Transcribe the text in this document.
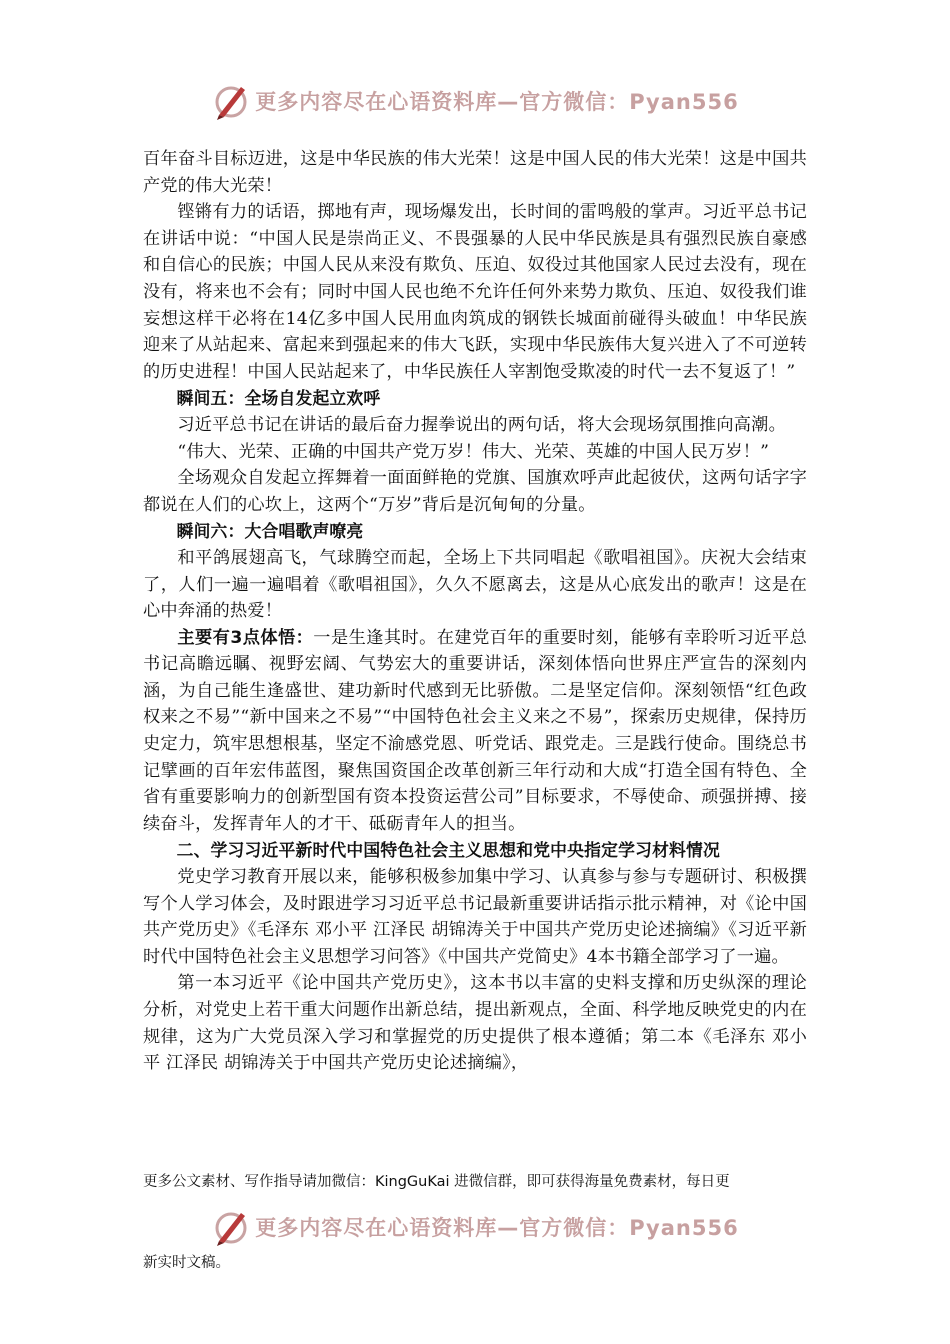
更多内容尽在心语资料库—官方微信：Pyan556

百年奋斗目标迈进，这是中华民族的伟大光荣！这是中国人民的伟大光荣！这是中国共产党的伟大光荣！

铿锵有力的话语，掷地有声，现场爆发出，长时间的雷鸣般的掌声。习近平总书记在讲话中说：“中国人民是崇尚正义、不畏强暴的人民中华民族是具有强烈民族自豪感和自信心的民族；中国人民从来没有欺负、压迫、奴役过其他国家人民过去没有，现在没有，将来也不会有；同时中国人民也绝不允许任何外来势力欺负、压迫、奴役我们谁妄想这样干必将在14亿多中国人民用血肉筑成的钢铁长城面前碰得头破血！中华民族迎来了从站起来、富起来到强起来的伟大飞跃，实现中华民族伟大复兴进入了不可逆转的历史进程！中国人民站起来了，中华民族任人宰割饱受欺凌的时代一去不复返了！”

瞬间五：全场自发起立欢呼

习近平总书记在讲话的最后奋力握拳说出的两句话，将大会现场氛围推向高潮。

“伟大、光荣、正确的中国共产党万岁！伟大、光荣、英雄的中国人民万岁！”

全场观众自发起立挥舞着一面面鲜艳的党旗、国旗欢呼声此起彼伏，这两句话字字都说在人们的心坎上，这两个“万岁”背后是沉甸甸的分量。

瞬间六：大合唱歌声嘹亮

和平鸽展翅高飞，气球腾空而起，全场上下共同唱起《歌唱祖国》。庆祝大会结束了，人们一遍一遍唱着《歌唱祖国》，久久不愿离去，这是从心底发出的歌声！这是在心中奔涌的热爱！

主要有3点体悟：一是生逢其时。在建党百年的重要时刻，能够有幸聆听习近平总书记高瞻远瞩、视野宏阔、气势宏大的重要讲话，深刻体悟向世界庄严宣告的深刻内涵，为自己能生逢盛世、建功新时代感到无比骄傲。二是坚定信仰。深刻领悟“红色政权来之不易”“新中国来之不易”“中国特色社会主义来之不易”，探索历史规律，保持历史定力，筑牢思想根基，坚定不渝感党恩、听党话、跟党走。三是践行使命。围绕总书记擘画的百年宏伟蓝图，聚焦国资国企改革创新三年行动和大成“打造全国有特色、全省有重要影响力的创新型国有资本投资运营公司”目标要求，不辱使命、顽强拼搏、接续奋斗，发挥青年人的才干、砥砺青年人的担当。

二、学习习近平新时代中国特色社会主义思想和党中央指定学习材料情况

党史学习教育开展以来，能够积极参加集中学习、认真参与参与专题研讨、积极撰写个人学习体会，及时跟进学习习近平总书记最新重要讲话指示批示精神，对《论中国共产党历史》《毛泽东 邓小平 江泽民 胡锦涛关于中国共产党历史论述摘编》《习近平新时代中国特色社会主义思想学习问答》《中国共产党简史》4本书籍全部学习了一遍。

第一本习近平《论中国共产党历史》，这本书以丰富的史料支撑和历史纵深的理论分析，对党史上若干重大问题作出新总结，提出新观点，全面、科学地反映党史的内在规律，这为广大党员深入学习和掌握党的历史提供了根本遵循；第二本《毛泽东 邓小平 江泽民 胡锦涛关于中国共产党历史论述摘编》，

更多公文素材、写作指导请加微信：KingGuKai 进微信群，即可获得海量免费素材，每日更
更多内容尽在心语资料库—官方微信：Pyan556
新实时文稿。
